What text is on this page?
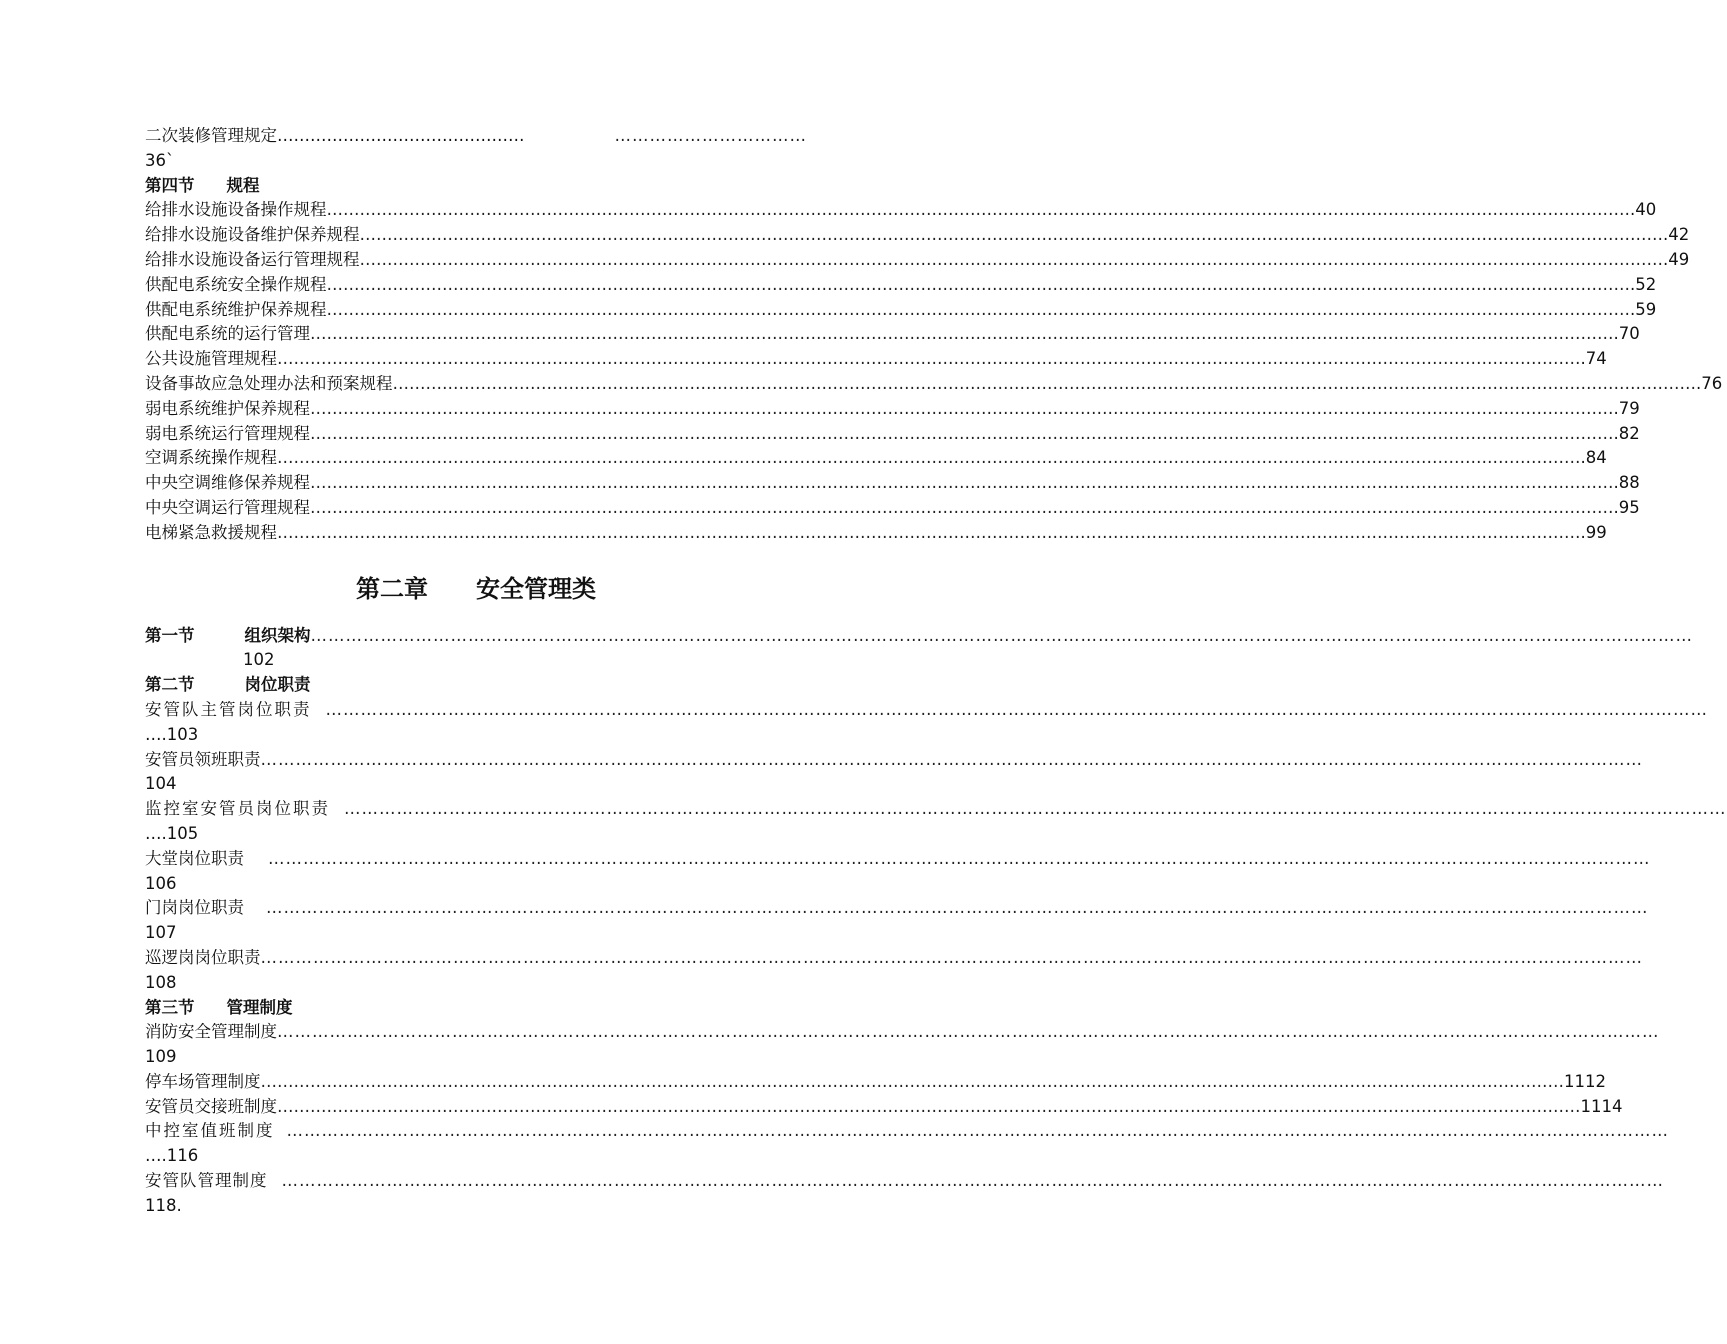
二次装修管理规定 ………………………………………	……………………………
36`
第四节 规程
给排水设施设备操作规程 ………………………………………………………………………………………………………………………………………………………………………………………………………………… .40
给排水设施设备维护保养规程 ………………………………………………………………………………………………………………………………………………………………………………………………………………… .42
给排水设施设备运行管理规程 ………………………………………………………………………………………………………………………………………………………………………………………………………………… .49
供配电系统安全操作规程 ………………………………………………………………………………………………………………………………………………………………………………………………………………… .52
供配电系统维护保养规程 ………………………………………………………………………………………………………………………………………………………………………………………………………………… .59
供配电系统的运行管理 ………………………………………………………………………………………………………………………………………………………………………………………………………………… .70
公共设施管理规程 ………………………………………………………………………………………………………………………………………………………………………………………………………………… .74
设备事故应急处理办法和预案规程 ………………………………………………………………………………………………………………………………………………………………………………………………………………… .76
弱电系统维护保养规程 ………………………………………………………………………………………………………………………………………………………………………………………………………………… .79
弱电系统运行管理规程 ………………………………………………………………………………………………………………………………………………………………………………………………………………… .82
空调系统操作规程 ………………………………………………………………………………………………………………………………………………………………………………………………………………… .84
中央空调维修保养规程 ………………………………………………………………………………………………………………………………………………………………………………………………………………… .88
中央空调运行管理规程 ………………………………………………………………………………………………………………………………………………………………………………………………………………… .95
电梯紧急救援规程 ………………………………………………………………………………………………………………………………………………………………………………………………………………… .99
第二章 安全管理类
第一节	组织架构 …………………………………………………………………………………………………………………………………………………………………………………………………………………
102
第二节	岗位职责
安管队主管岗位职责 …………………………………………………………………………………………………………………………………………………………………………………………………………………
….103
安管员领班职责 …………………………………………………………………………………………………………………………………………………………………………………………………………………
104
监控室安管员岗位职责 …………………………………………………………………………………………………………………………………………………………………………………………………………………
….105
大堂岗位职责 …………………………………………………………………………………………………………………………………………………………………………………………………………………
106
门岗岗位职责 …………………………………………………………………………………………………………………………………………………………………………………………………………………
107
巡逻岗岗位职责 …………………………………………………………………………………………………………………………………………………………………………………………………………………
108
第三节 管理制度
消防安全管理制度 …………………………………………………………………………………………………………………………………………………………………………………………………………………
109
停车场管理制度 ………………………………………………………………………………………………………………………………………………………………………………………………………………… 1112
安管员交接班制度 ………………………………………………………………………………………………………………………………………………………………………………………………………………… 1114
中控室值班制度 …………………………………………………………………………………………………………………………………………………………………………………………………………………
….116
安管队管理制度 …………………………………………………………………………………………………………………………………………………………………………………………………………………
118.
